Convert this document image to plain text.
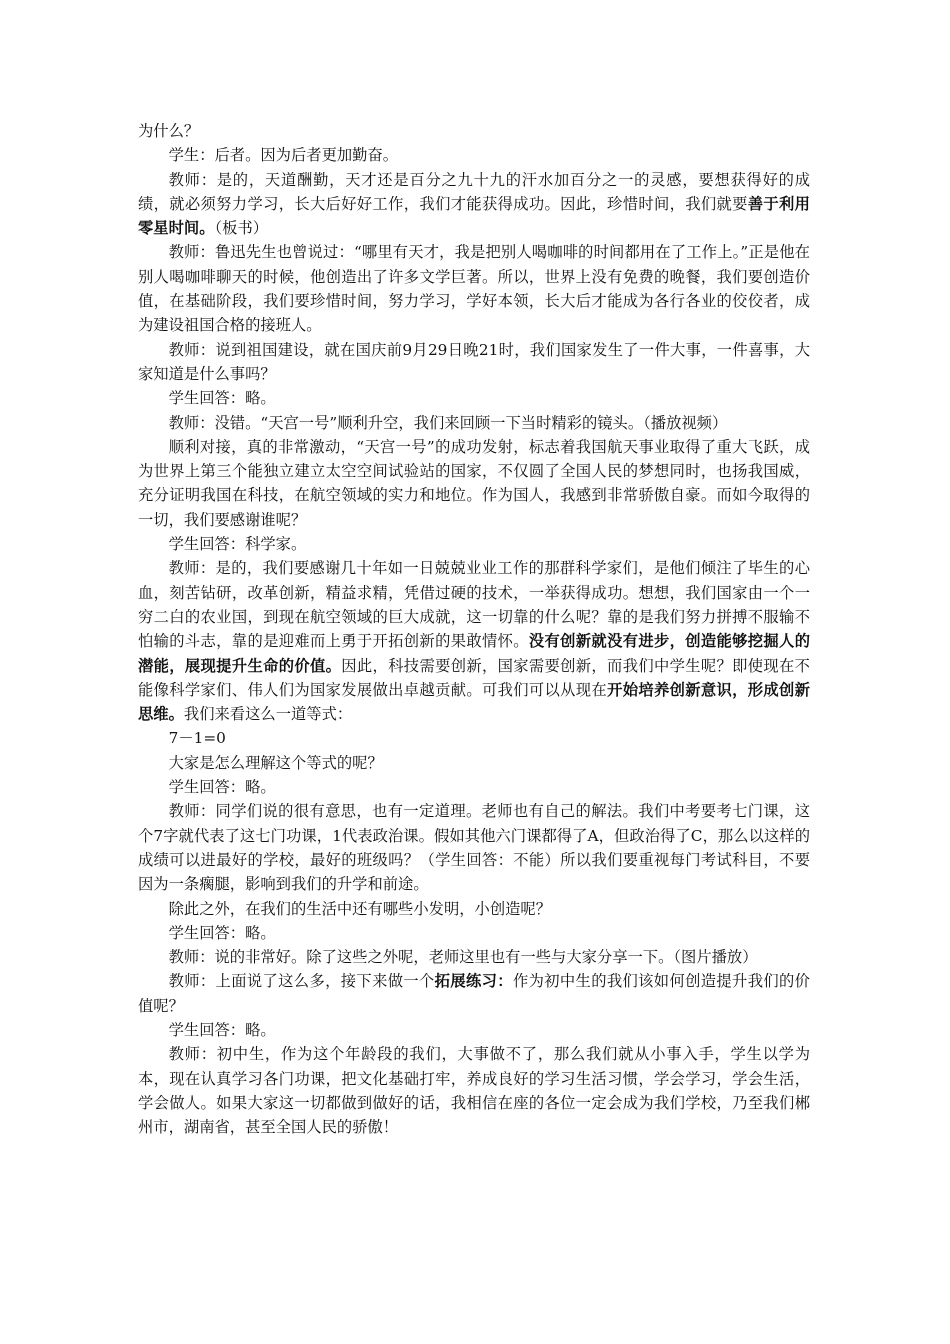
为什么？

学生：后者。因为后者更加勤奋。

教师：是的，天道酬勤，天才还是百分之九十九的汗水加百分之一的灵感，要想获得好的成绩，就必须努力学习，长大后好好工作，我们才能获得成功。因此，珍惜时间，我们就要善于利用零星时间。（板书）

教师：鲁迅先生也曾说过：“哪里有天才，我是把别人喝咖啡的时间都用在了工作上。”正是他在别人喝咖啡聊天的时候，他创造出了许多文学巨著。所以，世界上没有免费的晚餐，我们要创造价值，在基础阶段，我们要珍惜时间，努力学习，学好本领，长大后才能成为各行各业的佼佼者，成为建设祖国合格的接班人。

教师：说到祖国建设，就在国庆前9月29日晚21时，我们国家发生了一件大事，一件喜事，大家知道是什么事吗？

学生回答：略。

教师：没错。“天宫一号”顺利升空，我们来回顾一下当时精彩的镜头。（播放视频）

顺利对接，真的非常激动，“天宫一号”的成功发射，标志着我国航天事业取得了重大飞跃，成为世界上第三个能独立建立太空空间试验站的国家，不仅圆了全国人民的梦想同时，也扬我国威，充分证明我国在科技，在航空领域的实力和地位。作为国人，我感到非常骄傲自豪。而如今取得的一切，我们要感谢谁呢？

学生回答：科学家。

教师：是的，我们要感谢几十年如一日兢兢业业工作的那群科学家们，是他们倾注了毕生的心血，刻苦钻研，改革创新，精益求精，凭借过硬的技术，一举获得成功。想想，我们国家由一个一穷二白的农业国，到现在航空领域的巨大成就，这一切靠的什么呢？靠的是我们努力拼搏不服输不怕输的斗志，靠的是迎难而上勇于开拓创新的果敢情怀。没有创新就没有进步，创造能够挖掘人的潜能，展现提升生命的价值。因此，科技需要创新，国家需要创新，而我们中学生呢？即使现在不能像科学家们、伟人们为国家发展做出卓越贡献。可我们可以从现在开始培养创新意识，形成创新思维。我们来看这么一道等式：

7－1=0

大家是怎么理解这个等式的呢？

学生回答：略。

教师：同学们说的很有意思，也有一定道理。老师也有自己的解法。我们中考要考七门课，这个7字就代表了这七门功课，1代表政治课。假如其他六门课都得了A，但政治得了C，那么以这样的成绩可以进最好的学校，最好的班级吗？（学生回答：不能）所以我们要重视每门考试科目，不要因为一条瘸腿，影响到我们的升学和前途。

除此之外，在我们的生活中还有哪些小发明，小创造呢？

学生回答：略。

教师：说的非常好。除了这些之外呢，老师这里也有一些与大家分享一下。（图片播放）

教师：上面说了这么多，接下来做一个拓展练习：作为初中生的我们该如何创造提升我们的价值呢？

学生回答：略。

教师：初中生，作为这个年龄段的我们，大事做不了，那么我们就从小事入手，学生以学为本，现在认真学习各门功课，把文化基础打牢，养成良好的学习生活习惯，学会学习，学会生活，学会做人。如果大家这一切都做到做好的话，我相信在座的各位一定会成为我们学校，乃至我们郴州市，湖南省，甚至全国人民的骄傲！
